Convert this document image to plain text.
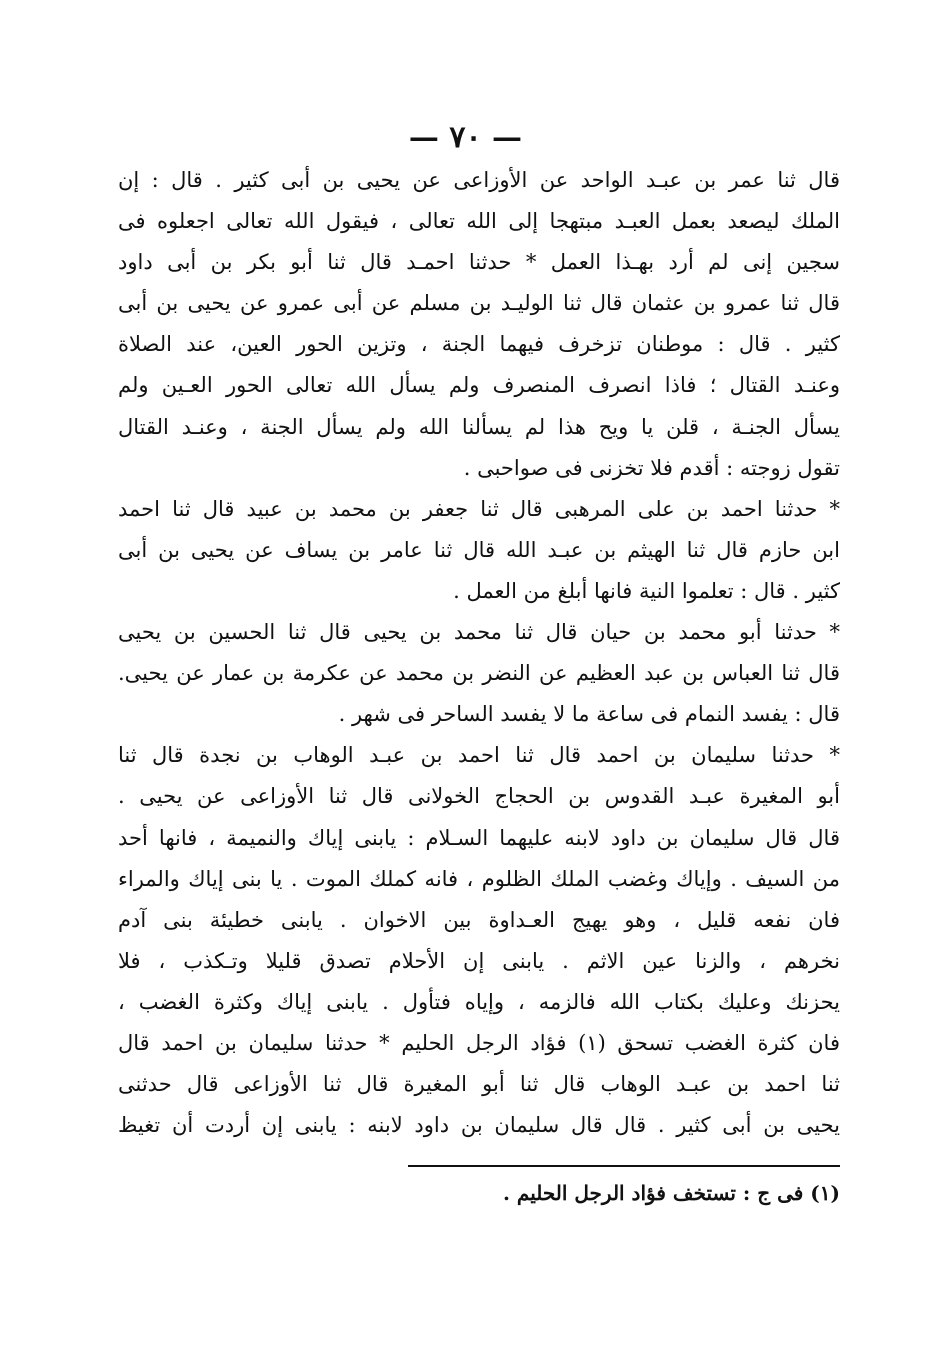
— ٧٠ —
قال ثنا عمر بن عبـد الواحد عن الأوزاعى عن يحيى بن أبى كثير . قال : إن
الملك ليصعد بعمل العبـد مبتهجا إلى الله تعالى ، فيقول الله تعالى اجعلوه فى
سجين إنى لم أرد بهـذا العمل * حدثنا احمـد قال ثنا أبو بكر بن أبى داود
قال ثنا عمرو بن عثمان قال ثنا الوليـد بن مسلم عن أبى عمرو عن يحيى بن أبى
كثير . قال : موطنان تزخرف فيهما الجنة ، وتزين الحور العين، عند الصلاة
وعنـد القتال ؛ فاذا انصرف المنصرف ولم يسأل الله تعالى الحور العـين ولم
يسأل الجنـة ، قلن يا ويح هذا لم يسألنا الله ولم يسأل الجنة ، وعنـد القتال
تقول زوجته : أقدم فلا تخزنى فى صواحبى .
* حدثنا احمد بن على المرهبى قال ثنا جعفر بن محمد بن عبيد قال ثنا احمد
ابن حازم قال ثنا الهيثم بن عبـد الله قال ثنا عامر بن يساف عن يحيى بن أبى
كثير . قال : تعلموا النية فانها أبلغ من العمل .
* حدثنا أبو محمد بن حيان قال ثنا محمد بن يحيى قال ثنا الحسين بن يحيى
قال ثنا العباس بن عبد العظيم عن النضر بن محمد عن عكرمة بن عمار عن يحيى.
قال : يفسد النمام فى ساعة ما لا يفسد الساحر فى شهر .
* حدثنا سليمان بن احمد قال ثنا احمد بن عبـد الوهاب بن نجدة قال ثنا
أبو المغيرة عبـد القدوس بن الحجاج الخولانى قال ثنا الأوزاعى عن يحيى .
قال قال سليمان بن داود لابنه عليهما السـلام : يابنى إياك والنميمة ، فانها أحد
من السيف . وإياك وغضب الملك الظلوم ، فانه كملك الموت . يا بنى إياك والمراء
فان نفعه قليل ، وهو يهيج العـداوة بين الاخوان . يابنى خطيئة بنى آدم
نخرهم ، والزنا عين الاثم . يابنى إن الأحلام تصدق قليلا وتـكذب ، فلا
يحزنك وعليك بكتاب الله فالزمه ، وإياه فتأول . يابنى إياك وكثرة الغضب ،
فان كثرة الغضب تسحق (١) فؤاد الرجل الحليم * حدثنا سليمان بن احمد قال
ثنا احمد بن عبـد الوهاب قال ثنا أبو المغيرة قال ثنا الأوزاعى قال حدثنى
يحيى بن أبى كثير . قال قال سليمان بن داود لابنه : يابنى إن أردت أن تغيظ
(١) فى ج : تستخف فؤاد الرجل الحليم .
